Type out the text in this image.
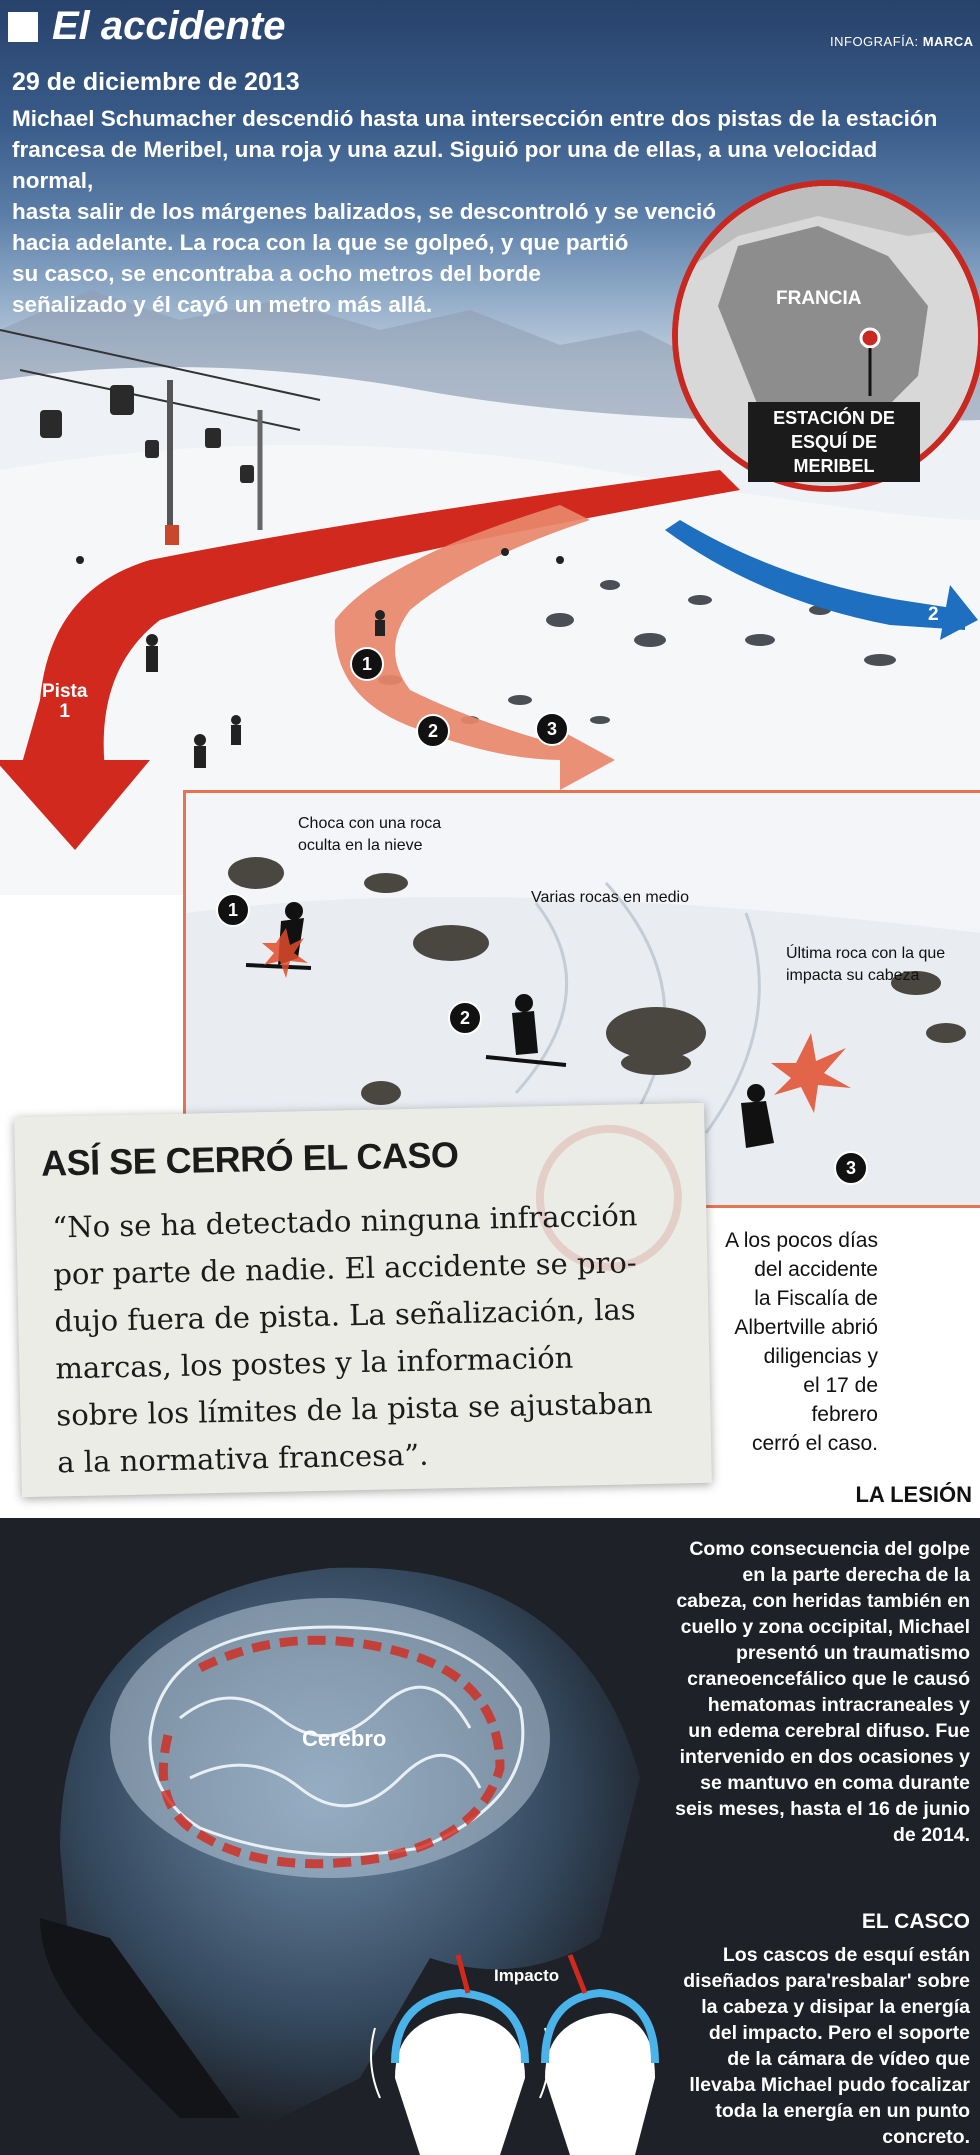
El accidente	INFOGRAFÍA: MARCA
29 de diciembre de 2013
Michael Schumacher descendió hasta una intersección entre dos pistas de la estación
francesa de Meribel, una roja y una azul. Siguió por una de ellas, a una velocidad normal,
hasta salir de los márgenes balizados, se descontroló y se venció
hacia adelante. La roca con la que se golpeó, y que partió
su casco, se encontraba a ocho metros del borde
señalizado y él cayó un metro más allá.	FRANCIA
ESTACIÓN DE
ESQUÍ DE MERIBEL
Pista
1
2
1
2	3
Choca con una roca
oculta en la nieve
Varias rocas en medio
Última roca con la que
impacta su cabeza
1
2
3
ASÍ SE CERRÓ EL CASO
“No se ha detectado ninguna infracción
por parte de nadie. El accidente se pro-
dujo fuera de pista. La señalización, las
marcas, los postes y la información
sobre los límites de la pista se ajustaban
a la normativa francesa”.
A los pocos días
del accidente
la Fiscalía de
Albertville abrió
diligencias y
el 17 de
febrero
cerró el caso.
LA LESIÓN
Cerebro
Impacto
Como consecuencia del golpe
en la parte derecha de la
cabeza, con heridas también en
cuello y zona occipital, Michael
presentó un traumatismo
craneoencefálico que le causó
hematomas intracraneales y
un edema cerebral difuso. Fue
intervenido en dos ocasiones y
se mantuvo en coma durante
seis meses, hasta el 16 de junio
de 2014.
EL CASCO
Los cascos de esquí están
diseñados para'resbalar' sobre
la cabeza y disipar la energía
del impacto. Pero el soporte
de la cámara de vídeo que
llevaba Michael pudo focalizar
toda la energía en un punto
concreto.
